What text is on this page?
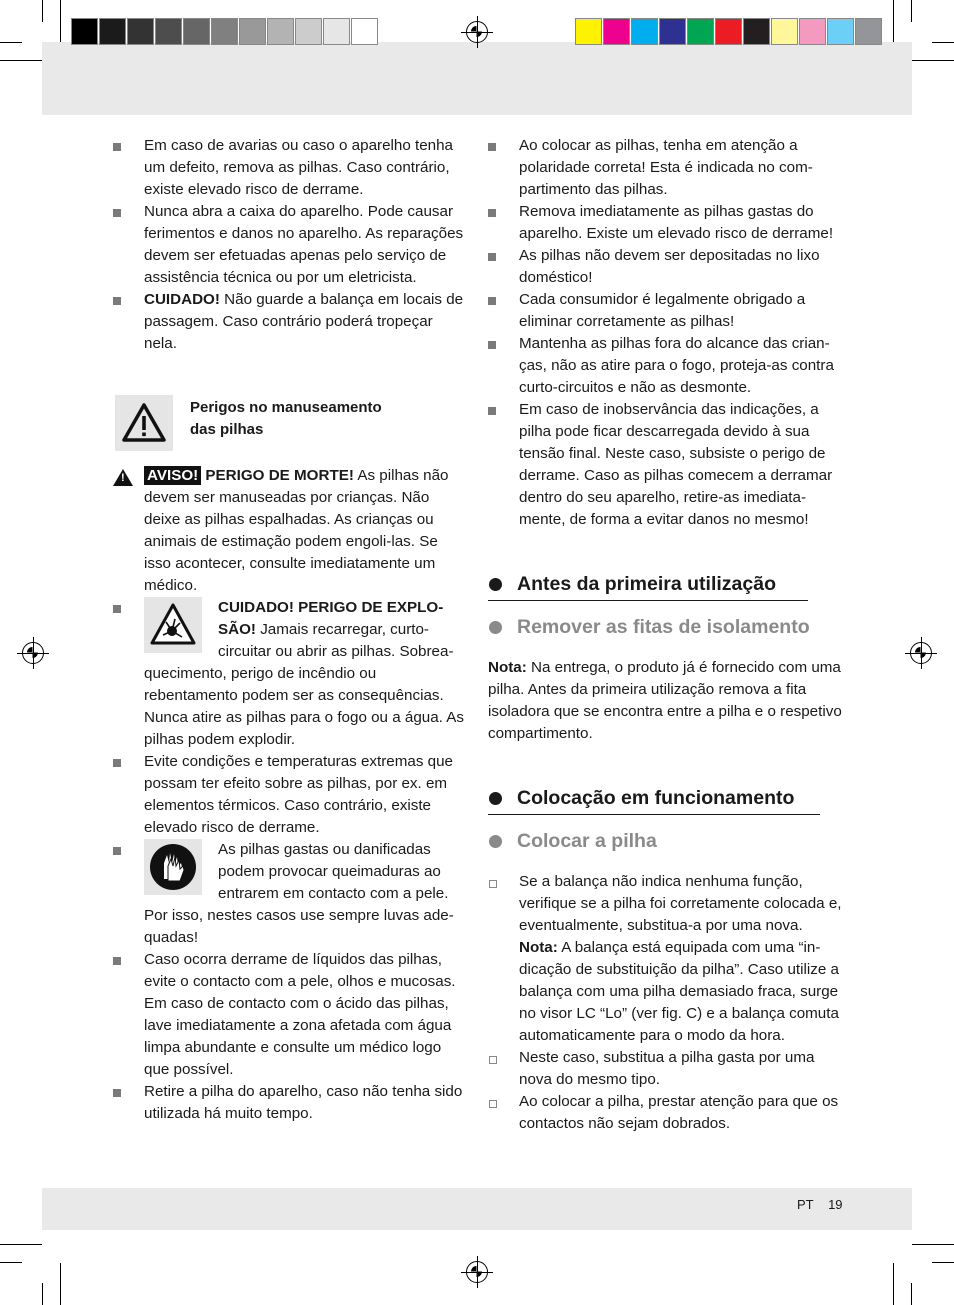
Em caso de avarias ou caso o aparelho tenha um defeito, remova as pilhas. Caso contrário, existe elevado risco de derrame.

Nunca abra a caixa do aparelho. Pode causar ferimentos e danos no aparelho. As reparações devem ser efetuadas apenas pelo serviço de assistência técnica ou por um eletricista.

CUIDADO! Não guarde a balança em locais de passagem. Caso contrário poderá tropeçar nela.

Perigos no manuseamento
das pilhas

!
AVISO! PERIGO DE MORTE! As pilhas não devem ser manuseadas por crianças. Não deixe as pilhas espalhadas. As crianças ou animais de estimação podem engoli-las. Se isso acontecer, consulte imediatamente um médico.

CUIDADO! PERIGO DE EXPLO-SÃO! Jamais recarregar, curto-circuitar ou abrir as pilhas. Sobrea-quecimento, perigo de incêndio ou rebentamento podem ser as consequências. Nunca atire as pilhas para o fogo ou a água. As pilhas podem explodir.

Evite condições e temperaturas extremas que possam ter efeito sobre as pilhas, por ex. em elementos térmicos. Caso contrário, existe elevado risco de derrame.

As pilhas gastas ou danificadas podem provocar queimaduras ao entrarem em contacto com a pele. Por isso, nestes casos use sempre luvas ade-quadas!

Caso ocorra derrame de líquidos das pilhas, evite o contacto com a pele, olhos e mucosas. Em caso de contacto com o ácido das pilhas, lave imediatamente a zona afetada com água limpa abundante e consulte um médico logo que possível.

Retire a pilha do aparelho, caso não tenha sido utilizada há muito tempo.

Ao colocar as pilhas, tenha em atenção a polaridade correta! Esta é indicada no com-partimento das pilhas.

Remova imediatamente as pilhas gastas do aparelho. Existe um elevado risco de derrame!

As pilhas não devem ser depositadas no lixo doméstico!

Cada consumidor é legalmente obrigado a eliminar corretamente as pilhas!

Mantenha as pilhas fora do alcance das crian-ças, não as atire para o fogo, proteja-as contra curto-circuitos e não as desmonte.

Em caso de inobservância das indicações, a pilha pode ficar descarregada devido à sua tensão final. Neste caso, subsiste o perigo de derrame. Caso as pilhas comecem a derramar dentro do seu aparelho, retire-as imediata-mente, de forma a evitar danos no mesmo!

Antes da primeira utilização
Remover as fitas de isolamento

Nota: Na entrega, o produto já é fornecido com uma pilha. Antes da primeira utilização remova a fita isoladora que se encontra entre a pilha e o respetivo compartimento.

Colocação em funcionamento
Colocar a pilha

Se a balança não indica nenhuma função, verifique se a pilha foi corretamente colocada e, eventualmente, substitua-a por uma nova.
Nota: A balança está equipada com uma “in-dicação de substituição da pilha”. Caso utilize a balança com uma pilha demasiado fraca, surge no visor LC “Lo” (ver fig. C) e a balança comuta automaticamente para o modo da hora.

Neste caso, substitua a pilha gasta por uma nova do mesmo tipo.

Ao colocar a pilha, prestar atenção para que os contactos não sejam dobrados.

PT 19
